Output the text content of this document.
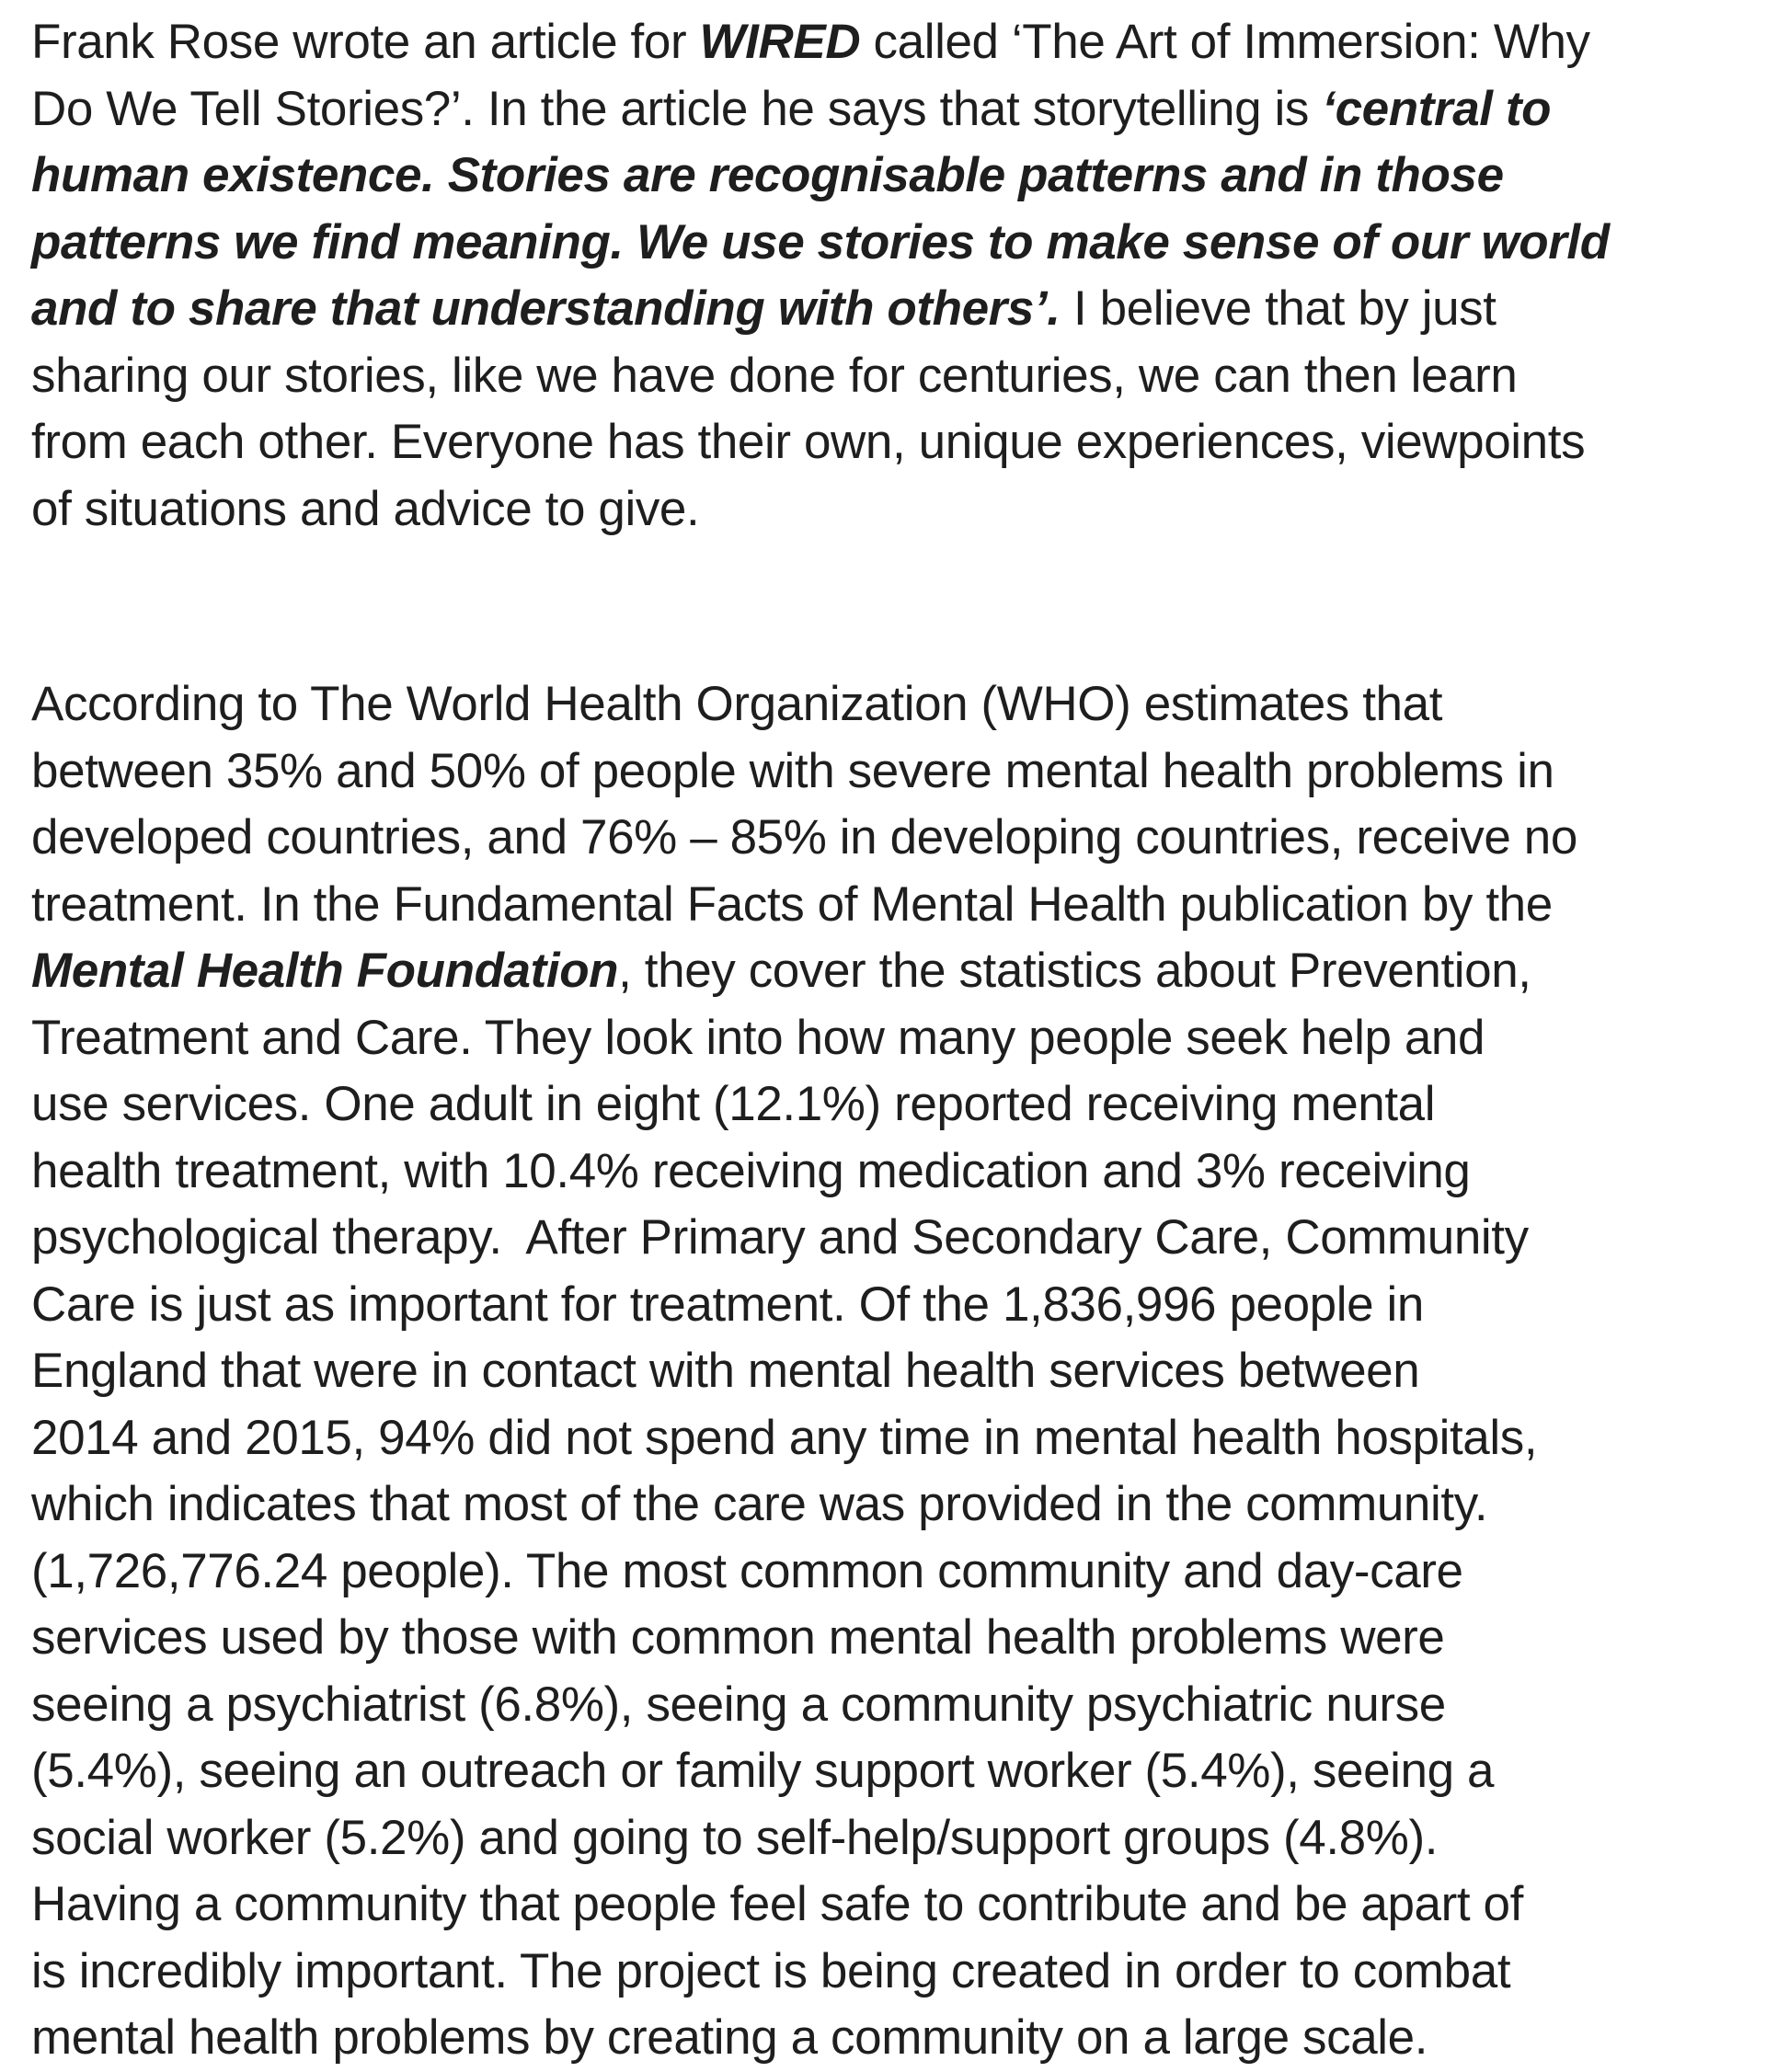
Frank Rose wrote an article for WIRED called ‘The Art of Immersion: Why
Do We Tell Stories?’. In the article he says that storytelling is ‘central to
human existence. Stories are recognisable patterns and in those
patterns we find meaning. We use stories to make sense of our world
and to share that understanding with others’. I believe that by just
sharing our stories, like we have done for centuries, we can then learn
from each other. Everyone has their own, unique experiences, viewpoints
of situations and advice to give.

According to The World Health Organization (WHO) estimates that
between 35% and 50% of people with severe mental health problems in
developed countries, and 76% – 85% in developing countries, receive no
treatment. In the Fundamental Facts of Mental Health publication by the
Mental Health Foundation, they cover the statistics about Prevention,
Treatment and Care. They look into how many people seek help and
use services. One adult in eight (12.1%) reported receiving mental
health treatment, with 10.4% receiving medication and 3% receiving
psychological therapy.  After Primary and Secondary Care, Community
Care is just as important for treatment. Of the 1,836,996 people in
England that were in contact with mental health services between
2014 and 2015, 94% did not spend any time in mental health hospitals,
which indicates that most of the care was provided in the community.
(1,726,776.24 people). The most common community and day-care
services used by those with common mental health problems were
seeing a psychiatrist (6.8%), seeing a community psychiatric nurse
(5.4%), seeing an outreach or family support worker (5.4%), seeing a
social worker (5.2%) and going to self-help/support groups (4.8%).
Having a community that people feel safe to contribute and be apart of
is incredibly important. The project is being created in order to combat
mental health problems by creating a community on a large scale.
